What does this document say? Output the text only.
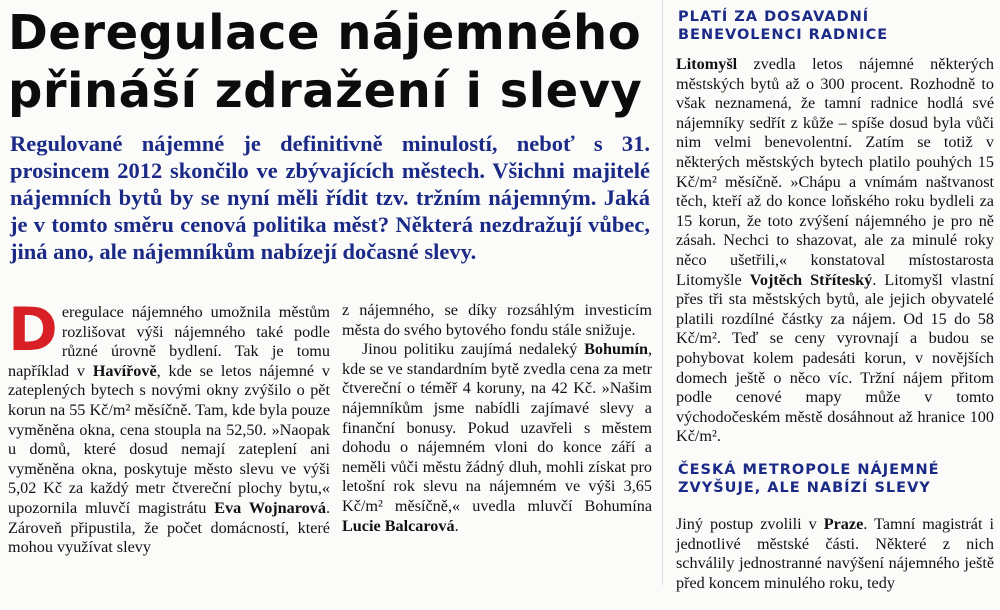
Deregulace nájemného přináší zdražení i slevy

Regulované nájemné je definitivně minulostí, neboť s 31. prosincem 2012 skončilo ve zbývajících městech. Všichni majitelé nájemních bytů by se nyní měli řídit tzv. tržním nájemným. Jaká je v tomto směru cenová politika měst? Některá nezdražují vůbec, jiná ano, ale nájemníkům nabízejí dočasné slevy.

Deregulace nájemného umožnila městům rozlišovat výši nájemného také podle různé úrovně bydlení. Tak je tomu například v Havířově, kde se letos nájemné v zateplených bytech s novými okny zvýšilo o pět korun na 55 Kč/m² měsíčně. Tam, kde byla pouze vyměněna okna, cena stoupla na 52,50. »Naopak u domů, které dosud nemají zateplení ani vyměněna okna, poskytuje město slevu ve výši 5,02 Kč za každý metr čtvereční plochy bytu,« upozornila mluvčí magistrátu Eva Wojnarová. Zároveň připustila, že počet domácností, které mohou využívat slevy

z nájemného, se díky rozsáhlým investicím města do svého bytového fondu stále snižuje.

Jinou politiku zaujímá nedaleký Bohumín, kde se ve standardním bytě zvedla cena za metr čtvereční o téměř 4 koruny, na 42 Kč. »Našim nájemníkům jsme nabídli zajímavé slevy a finanční bonusy. Pokud uzavřeli s městem dohodu o nájemném vloni do konce září a neměli vůči městu žádný dluh, mohli získat pro letošní rok slevu na nájemném ve výši 3,65 Kč/m² měsíčně,« uvedla mluvčí Bohumína Lucie Balcarová.

PLATÍ ZA DOSAVADNÍ BENEVOLENCI RADNICE

Litomyšl zvedla letos nájemné některých městských bytů až o 300 procent. Rozhodně to však neznamená, že tamní radnice hodlá své nájemníky sedřít z kůže – spíše dosud byla vůči nim velmi benevolentní. Zatím se totiž v některých městských bytech platilo pouhých 15 Kč/m² měsíčně. »Chápu a vnímám naštvanost těch, kteří až do konce loňského roku bydleli za 15 korun, že toto zvýšení nájemného je pro ně zásah. Nechci to shazovat, ale za minulé roky něco ušetřili,« konstatoval místostarosta Litomyšle Vojtěch Stříteský. Litomyšl vlastní přes tři sta městských bytů, ale jejich obyvatelé platili rozdílné částky za nájem. Od 15 do 58 Kč/m². Teď se ceny vyrovnají a budou se pohybovat kolem padesáti korun, v novějších domech ještě o něco víc. Tržní nájem přitom podle cenové mapy může v tomto východočeském městě dosáhnout až hranice 100 Kč/m².

ČESKÁ METROPOLE NÁJEMNÉ ZVYŠUJE, ALE NABÍZÍ SLEVY

Jiný postup zvolili v Praze. Tamní magistrát i jednotlivé městské části. Některé z nich schválily jednostranné navýšení nájemného ještě před koncem minulého roku, tedy
